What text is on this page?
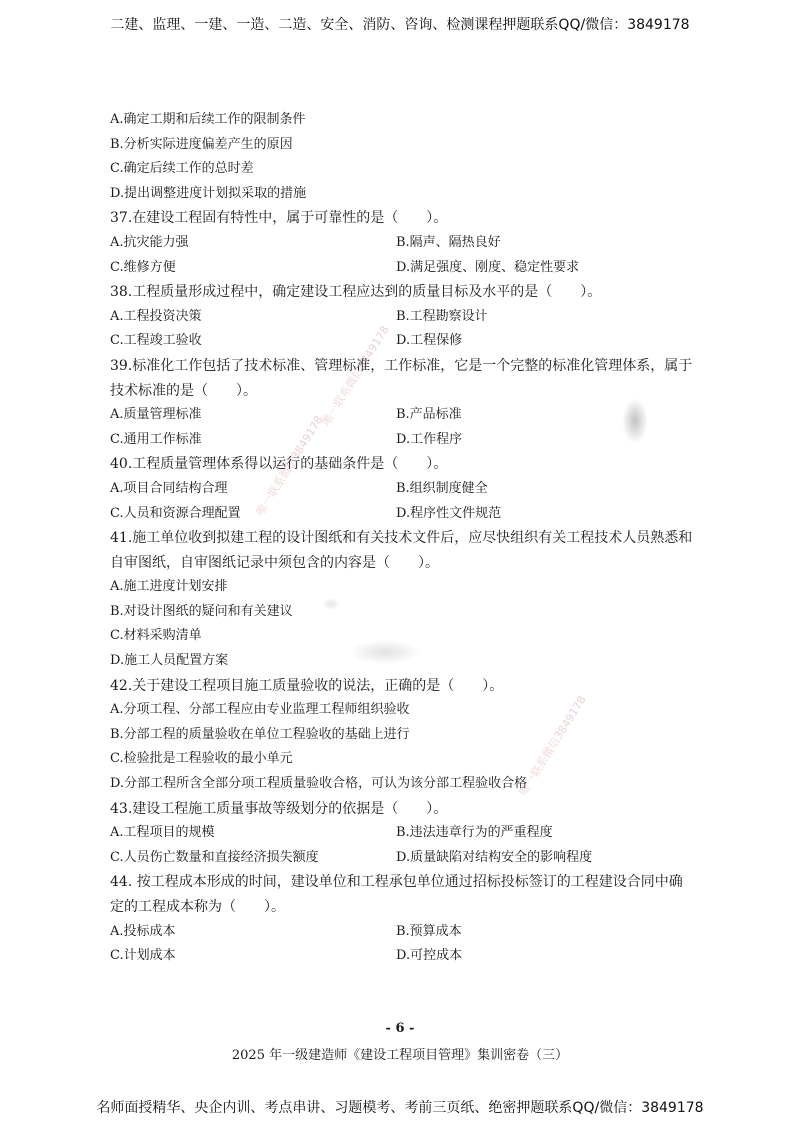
二建、监理、一建、一造、二造、安全、消防、咨询、检测课程押题联系QQ/微信：3849178
A.确定工期和后续工作的限制条件
B.分析实际进度偏差产生的原因
C.确定后续工作的总时差
D.提出调整进度计划拟采取的措施
37.在建设工程固有特性中，属于可靠性的是（　　）。
A.抗灾能力强	B.隔声、隔热良好
C.维修方便	D.满足强度、刚度、稳定性要求
38.工程质量形成过程中，确定建设工程应达到的质量目标及水平的是（　　）。
A.工程投资决策	B.工程勘察设计
C.工程竣工验收	D.工程保修
39.标准化工作包括了技术标准、管理标准，工作标准，它是一个完整的标准化管理体系，属于
技术标准的是（　　）。
A.质量管理标准	B.产品标准
C.通用工作标准	D.工作程序
40.工程质量管理体系得以运行的基础条件是（　　）。
A.项目合同结构合理	B.组织制度健全
C.人员和资源合理配置	D.程序性文件规范
41.施工单位收到拟建工程的设计图纸和有关技术文件后，应尽快组织有关工程技术人员熟悉和
自审图纸，自审图纸记录中须包含的内容是（　　）。
A.施工进度计划安排
B.对设计图纸的疑问和有关建议
C.材料采购清单
D.施工人员配置方案
42.关于建设工程项目施工质量验收的说法，正确的是（　　）。
A.分项工程、分部工程应由专业监理工程师组织验收
B.分部工程的质量验收在单位工程验收的基础上进行
C.检验批是工程验收的最小单元
D.分部工程所含全部分项工程质量验收合格，可认为该分部工程验收合格
43.建设工程施工质量事故等级划分的依据是（　　）。
A.工程项目的规模	B.违法违章行为的严重程度
C.人员伤亡数量和直接经济损失额度	D.质量缺陷对结构安全的影响程度
44. 按工程成本形成的时间，建设单位和工程承包单位通过招标投标签订的工程建设合同中确
定的工程成本称为（　　）。
A.投标成本	B.预算成本
C.计划成本	D.可控成本
唯一联系微信3849178
唯一联系微信3849178
唯一联系微信3849178
- 6 -
2025 年一级建造师《建设工程项目管理》集训密卷（三）
名师面授精华、央企内训、考点串讲、习题模考、考前三页纸、绝密押题联系QQ/微信：3849178
